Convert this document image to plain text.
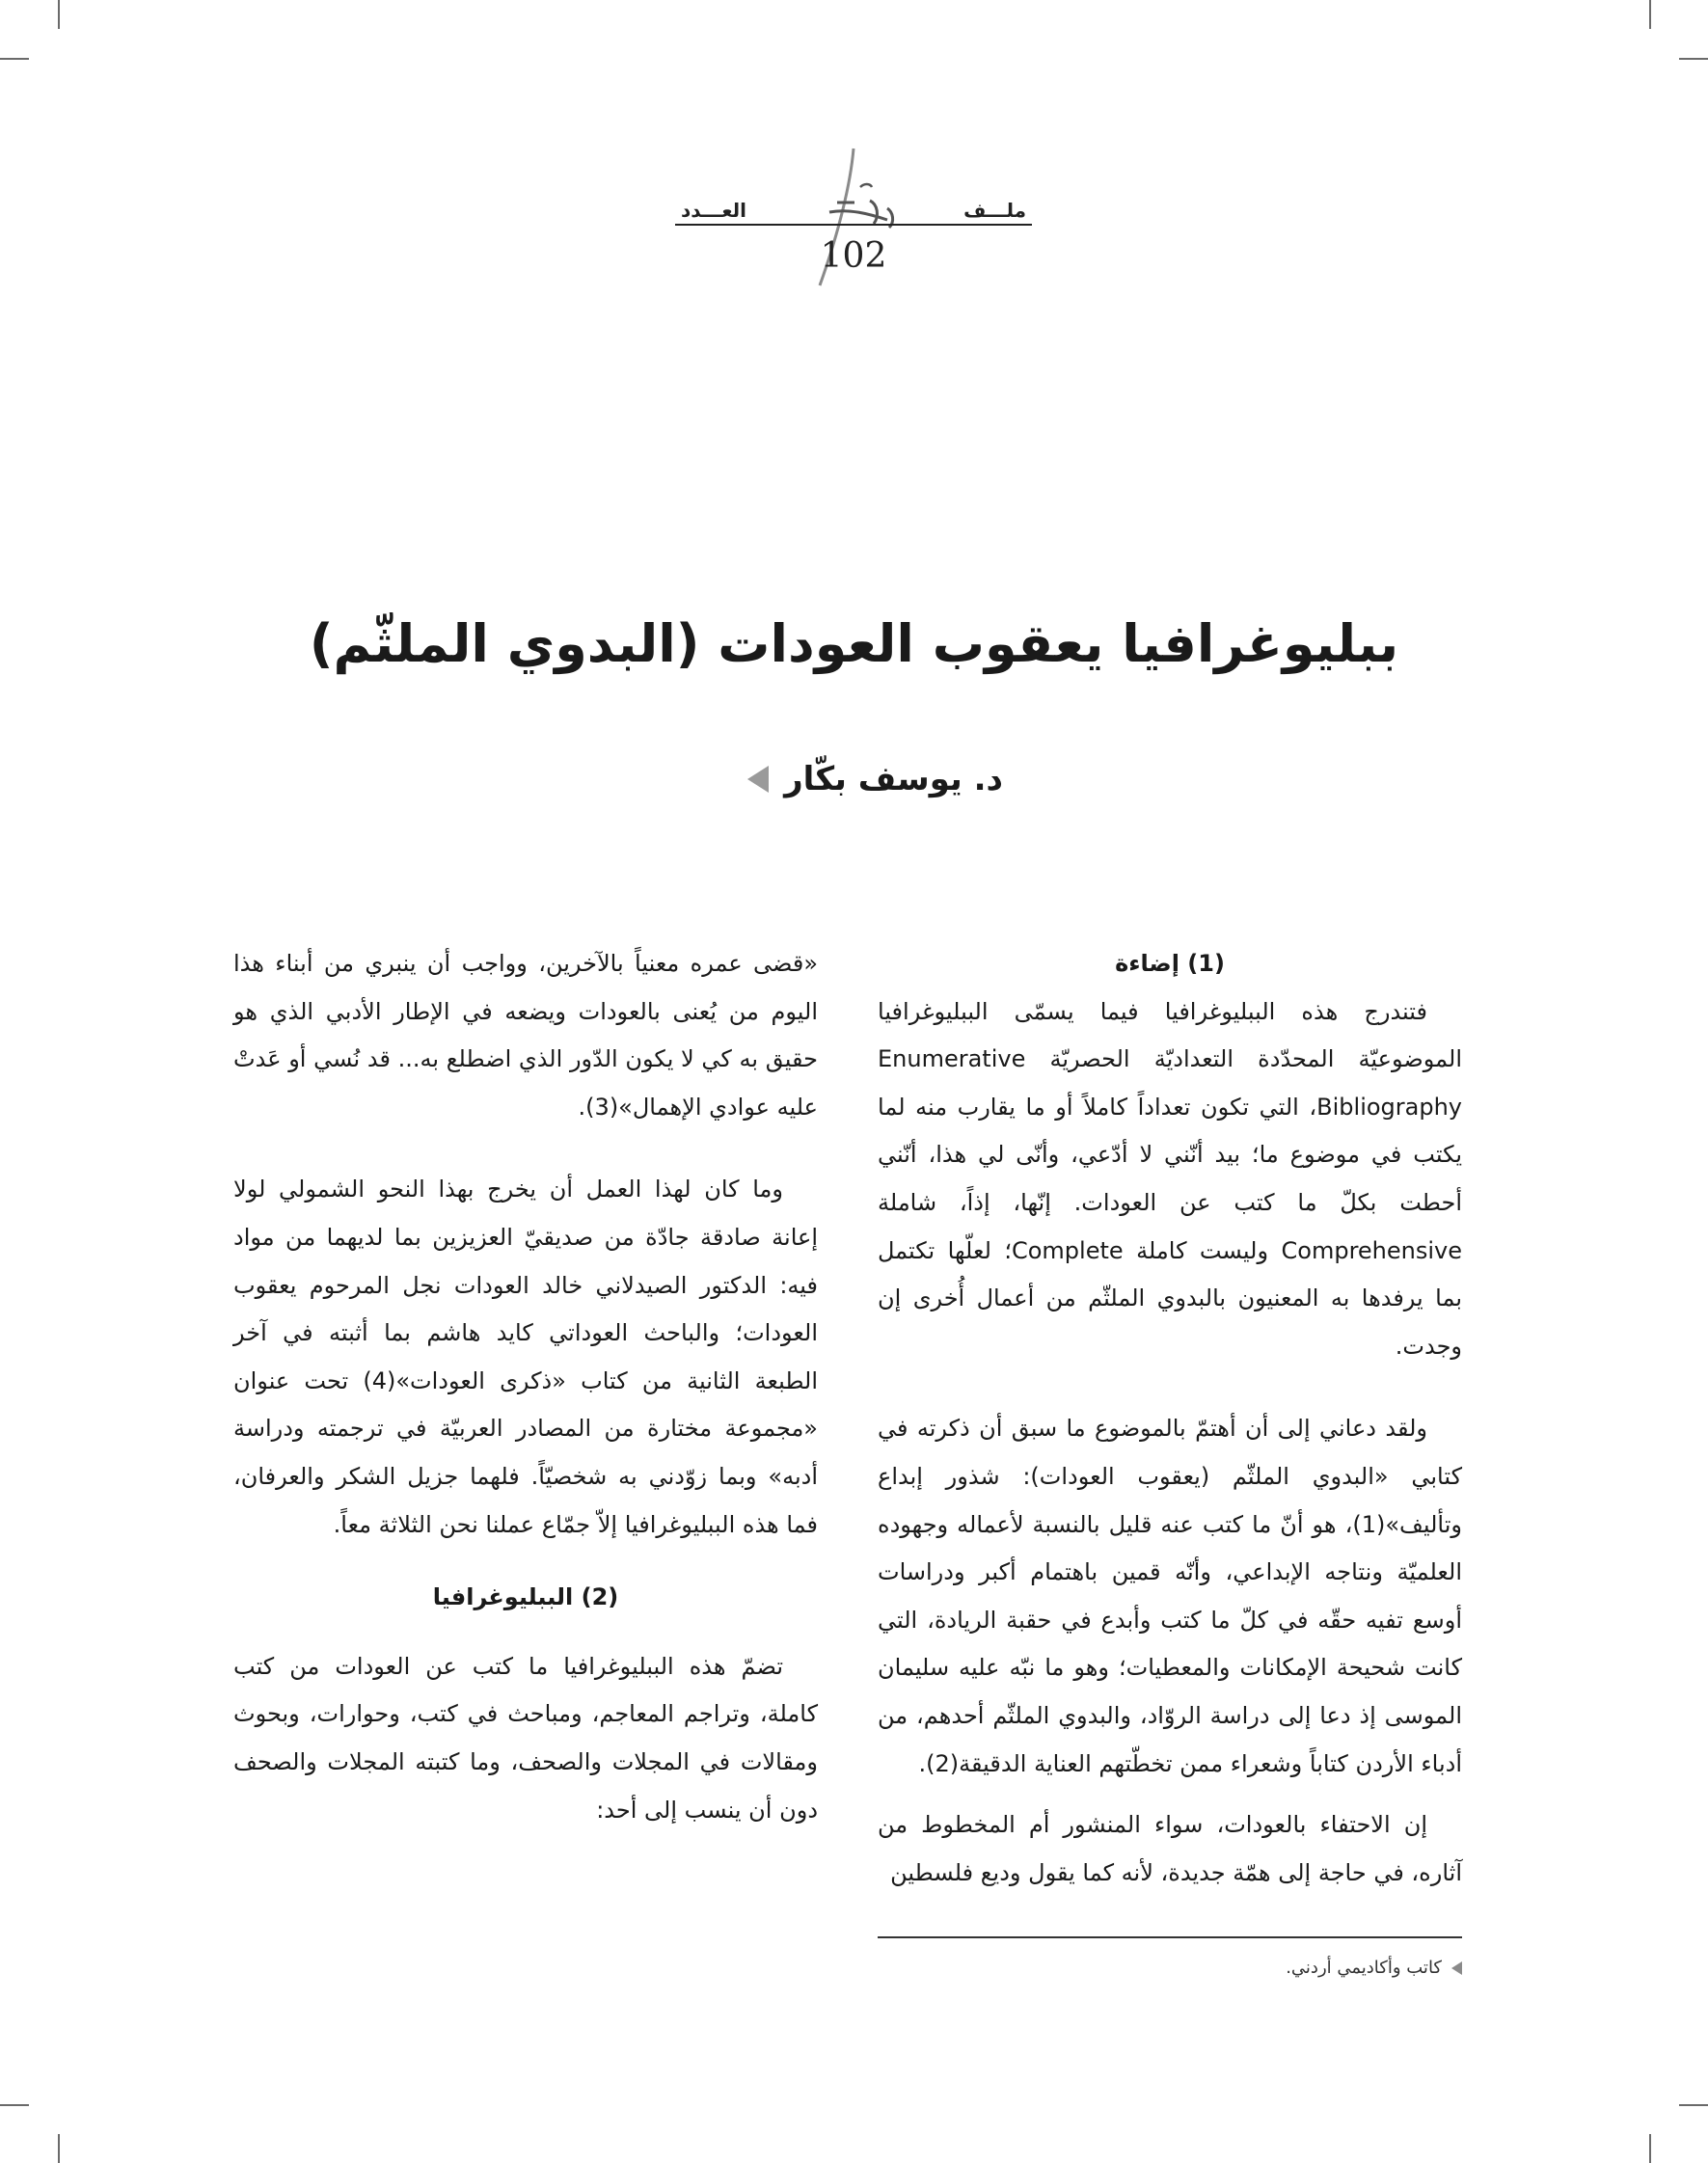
ملـــف
العـــدد
102
ببليوغرافيا يعقوب العودات (البدوي الملثّم)
د. يوسف بكّار

(1) إضاءة

فتندرج هذه الببليوغرافيا فيما يسمّى الببليوغرافيا الموضوعيّة المحدّدة التعداديّة الحصريّة Enumerative Bibliography، التي تكون تعداداً كاملاً أو ما يقارب منه لما يكتب في موضوع ما؛ بيد أنّني لا أدّعي، وأنّى لي هذا، أنّني أحطت بكلّ ما كتب عن العودات. إنّها، إذاً، شاملة Comprehensive وليست كاملة Complete؛ لعلّها تكتمل بما يرفدها به المعنيون بالبدوي الملثّم من أعمال أُخرى إن وجدت.

ولقد دعاني إلى أن أهتمّ بالموضوع ما سبق أن ذكرته في كتابي «البدوي الملثّم (يعقوب العودات): شذور إبداع وتأليف»(1)، هو أنّ ما كتب عنه قليل بالنسبة لأعماله وجهوده العلميّة ونتاجه الإبداعي، وأنّه قمين باهتمام أكبر ودراسات أوسع تفيه حقّه في كلّ ما كتب وأبدع في حقبة الريادة، التي كانت شحيحة الإمكانات والمعطيات؛ وهو ما نبّه عليه سليمان الموسى إذ دعا إلى دراسة الروّاد، والبدوي الملثّم أحدهم، من أدباء الأردن كتاباً وشعراء ممن تخطّتهم العناية الدقيقة(2).

إن الاحتفاء بالعودات، سواء المنشور أم المخطوط من آثاره، في حاجة إلى همّة جديدة، لأنه كما يقول وديع فلسطين

«قضى عمره معنياً بالآخرين، وواجب أن ينبري من أبناء هذا اليوم من يُعنى بالعودات ويضعه في الإطار الأدبي الذي هو حقيق به كي لا يكون الدّور الذي اضطلع به... قد نُسي أو عَدتْ عليه عوادي الإهمال»(3).

وما كان لهذا العمل أن يخرج بهذا النحو الشمولي لولا إعانة صادقة جادّة من صديقيّ العزيزين بما لديهما من مواد فيه: الدكتور الصيدلاني خالد العودات نجل المرحوم يعقوب العودات؛ والباحث العوداتي كايد هاشم بما أثبته في آخر الطبعة الثانية من كتاب «ذكرى العودات»(4) تحت عنوان «مجموعة مختارة من المصادر العربيّة في ترجمته ودراسة أدبه» وبما زوّدني به شخصيّاً. فلهما جزيل الشكر والعرفان، فما هذه الببليوغرافيا إلاّ جمّاع عملنا نحن الثلاثة معاً.

(2) الببليوغرافيا

تضمّ هذه الببليوغرافيا ما كتب عن العودات من كتب كاملة، وتراجم المعاجم، ومباحث في كتب، وحوارات، وبحوث ومقالات في المجلات والصحف، وما كتبته المجلات والصحف دون أن ينسب إلى أحد:

كاتب وأكاديمي أردني.
